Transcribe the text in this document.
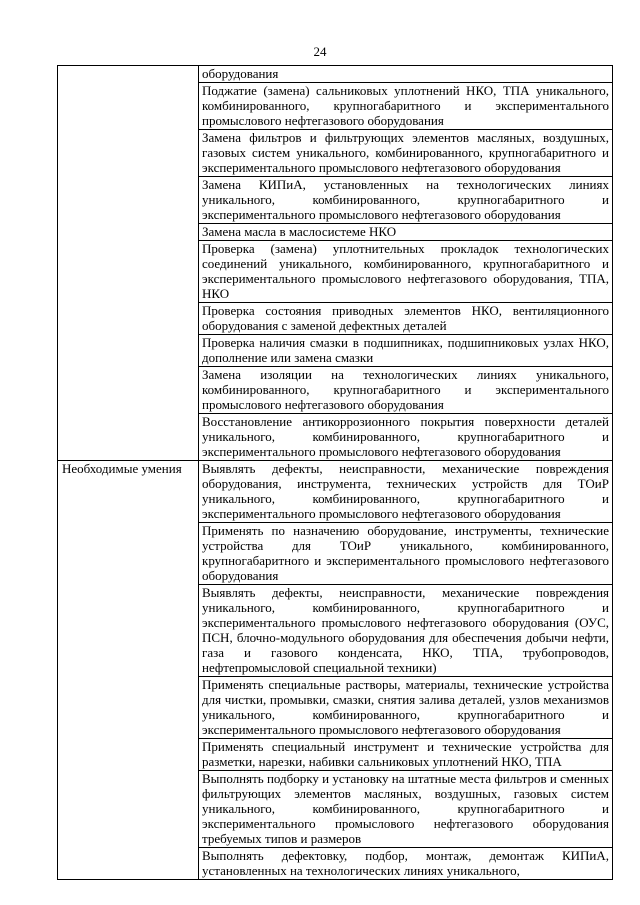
24
	оборудования
	Поджатие (замена) сальниковых уплотнений НКО, ТПА уникального, комбинированного, крупногабаритного и экспериментального промыслового нефтегазового оборудования
	Замена фильтров и фильтрующих элементов масляных, воздушных, газовых систем уникального, комбинированного, крупногабаритного и экспериментального промыслового нефтегазового оборудования
	Замена КИПиА, установленных на технологических линиях уникального, комбинированного, крупногабаритного и экспериментального промыслового нефтегазового оборудования
	Замена масла в маслосистеме НКО
	Проверка (замена) уплотнительных прокладок технологических соединений уникального, комбинированного, крупногабаритного и экспериментального промыслового нефтегазового оборудования, ТПА, НКО
	Проверка состояния приводных элементов НКО, вентиляционного оборудования с заменой дефектных деталей
	Проверка наличия смазки в подшипниках, подшипниковых узлах НКО, дополнение или замена смазки
	Замена изоляции на технологических линиях уникального, комбинированного, крупногабаритного и экспериментального промыслового нефтегазового оборудования
	Восстановление антикоррозионного покрытия поверхности деталей уникального, комбинированного, крупногабаритного и экспериментального промыслового нефтегазового оборудования
Необходимые умения	Выявлять дефекты, неисправности, механические повреждения оборудования, инструмента, технических устройств для ТОиР уникального, комбинированного, крупногабаритного и экспериментального промыслового нефтегазового оборудования
	Применять по назначению оборудование, инструменты, технические устройства для ТОиР уникального, комбинированного, крупногабаритного и экспериментального промыслового нефтегазового оборудования
	Выявлять дефекты, неисправности, механические повреждения уникального, комбинированного, крупногабаритного и экспериментального промыслового нефтегазового оборудования (ОУС, ПСН, блочно-модульного оборудования для обеспечения добычи нефти, газа и газового конденсата, НКО, ТПА, трубопроводов, нефтепромысловой специальной техники)
	Применять специальные растворы, материалы, технические устройства для чистки, промывки, смазки, снятия залива деталей, узлов механизмов уникального, комбинированного, крупногабаритного и экспериментального промыслового нефтегазового оборудования
	Применять специальный инструмент и технические устройства для разметки, нарезки, набивки сальниковых уплотнений НКО, ТПА
	Выполнять подборку и установку на штатные места фильтров и сменных фильтрующих элементов масляных, воздушных, газовых систем уникального, комбинированного, крупногабаритного и экспериментального промыслового нефтегазового оборудования требуемых типов и размеров
	Выполнять дефектовку, подбор, монтаж, демонтаж КИПиА, установленных на технологических линиях уникального,
